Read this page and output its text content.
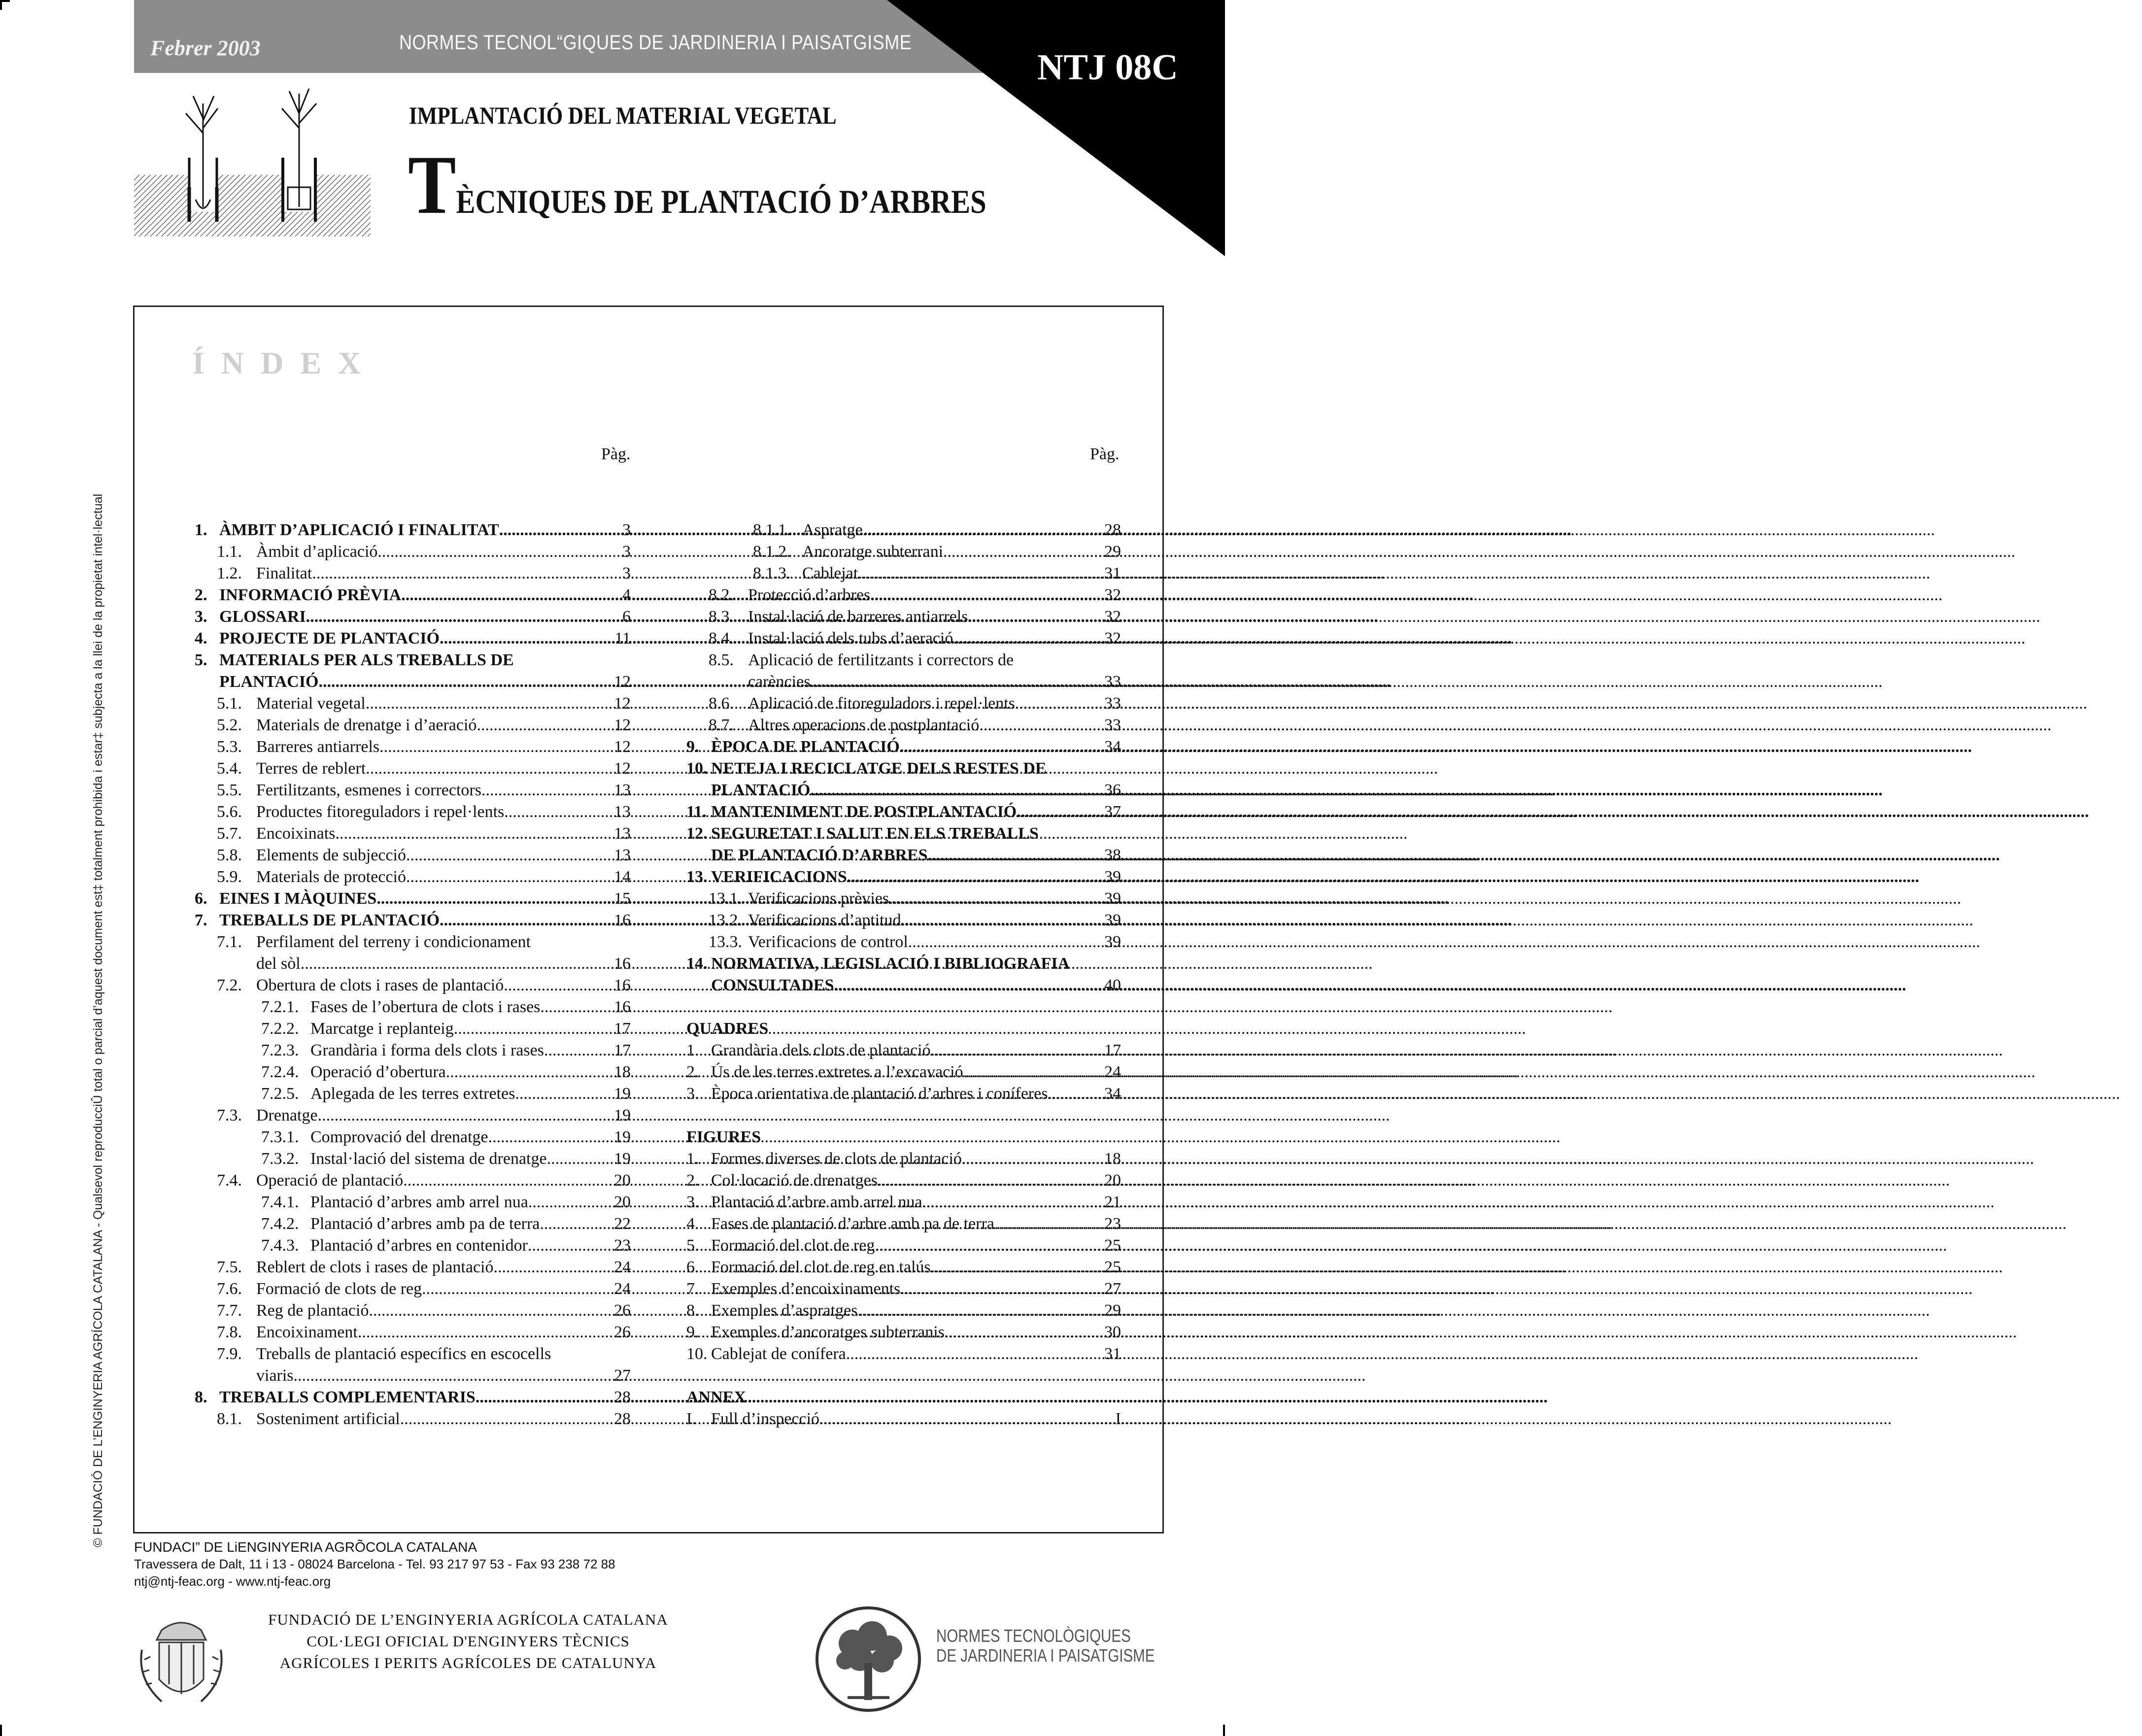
Febrer 2003	NORMES TECNOL“GIQUES DE JARDINERIA I PAISATGISME
NTJ 08C
IMPLANTACIÓ DEL MATERIAL VEGETAL
TÈCNIQUES DE PLANTACIÓ D’ARBRES
© FUNDACIÓ DE L’ENGINYERIA AGRÍCOLA CATALANA - Qualsevol reproducciÛ total o parcial d’aquest document est‡ totalment prohibida i estar‡ subjecta a la llei de la propietat intel·lectual
ÍNDEX
Pàg.	Pàg.
1. ÀMBIT D’APLICACIÓ I FINALITAT .....	3
1.1. Àmbit d’aplicació .....	3
1.2. Finalitat .....	3
2. INFORMACIÓ PRÈVIA .....	4
3. GLOSSARI .....	6
4. PROJECTE DE PLANTACIÓ .....	11
5. MATERIALS PER ALS TREBALLS DE
PLANTACIÓ .....	12
5.1. Material vegetal .....	12
5.2. Materials de drenatge i d’aeració .....	12
5.3. Barreres antiarrels .....	12
5.4. Terres de reblert .....	12
5.5. Fertilitzants, esmenes i correctors .....	13
5.6. Productes fitoreguladors i repel·lents .....	13
5.7. Encoixinats .....	13
5.8. Elements de subjecció .....	13
5.9. Materials de protecció .....	14
6. EINES I MÀQUINES .....	15
7. TREBALLS DE PLANTACIÓ .....	16
7.1. Perfilament del terreny i condicionament
del sòl .....	16
7.2. Obertura de clots i rases de plantació .....	16
7.2.1. Fases de l’obertura de clots i rases .....	16
7.2.2. Marcatge i replanteig .....	17
7.2.3. Grandària i forma dels clots i rases .....	17
7.2.4. Operació d’obertura .....	18
7.2.5. Aplegada de les terres extretes .....	19
7.3. Drenatge .....	19
7.3.1. Comprovació del drenatge .....	19
7.3.2. Instal·lació del sistema de drenatge .....	19
7.4. Operació de plantació .....	20
7.4.1. Plantació d’arbres amb arrel nua .....	20
7.4.2. Plantació d’arbres amb pa de terra .....	22
7.4.3. Plantació d’arbres en contenidor .....	23
7.5. Reblert de clots i rases de plantació .....	24
7.6. Formació de clots de reg .....	24
7.7. Reg de plantació .....	26
7.8. Encoixinament .....	26
7.9. Treballs de plantació específics en escocells
viaris .....	27
8. TREBALLS COMPLEMENTARIS .....	28
8.1. Sosteniment artificial .....	28
8.1.1. Aspratge .....	28
8.1.2. Ancoratge subterrani .....	29
8.1.3. Cablejat .....	31
8.2. Protecció d’arbres .....	32
8.3. Instal·lació de barreres antiarrels .....	32
8.4. Instal·lació dels tubs d’aeració .....	32
8.5. Aplicació de fertilitzants i correctors de
carències .....	33
8.6. Aplicació de fitoreguladors i repel·lents .....	33
8.7. Altres operacions de postplantació .....	33
9. ÈPOCA DE PLANTACIÓ .....	34
10. NETEJA I RECICLATGE DELS RESTES DE
PLANTACIÓ .....	36
11. MANTENIMENT DE POSTPLANTACIÓ .....	37
12. SEGURETAT I SALUT EN ELS TREBALLS
DE PLANTACIÓ D’ARBRES .....	38
13. VERIFICACIONS .....	39
13.1. Verificacions prèvies .....	39
13.2. Verificacions d’aptitud .....	39
13.3. Verificacions de control .....	39
14. NORMATIVA, LEGISLACIÓ I BIBLIOGRAFIA
CONSULTADES .....	40
QUADRES
1. Grandària dels clots de plantació .....	17
2. Ús de les terres extretes a l’excavació .....	24
3. Època orientativa de plantació d’arbres i coníferes .....	34
FIGURES
1. Formes diverses de clots de plantació .....	18
2. Col·locació de drenatges .....	20
3. Plantació d’arbre amb arrel nua .....	21
4. Fases de plantació d’arbre amb pa de terra .....	23
5. Formació del clot de reg .....	25
6. Formació del clot de reg en talús .....	25
7. Exemples d’encoixinaments .....	27
8. Exemples d’aspratges .....	29
9. Exemples d’ancoratges subterranis .....	30
10. Cablejat de conífera .....	31
ANNEX
I. Full d’inspecció .....	I
FUNDACI” DE LiENGINYERIA AGRÕCOLA CATALANA
Travessera de Dalt, 11 i 13 - 08024 Barcelona - Tel. 93 217 97 53 - Fax 93 238 72 88
ntj@ntj-feac.org - www.ntj-feac.org
FUNDACIÓ DE L’ENGINYERIA AGRÍCOLA CATALANA
COL·LEGI OFICIAL D'ENGINYERS TÈCNICS
AGRÍCOLES I PERITS AGRÍCOLES DE CATALUNYA
NORMES TECNOLÒGIQUES
DE JARDINERIA I PAISATGISME
